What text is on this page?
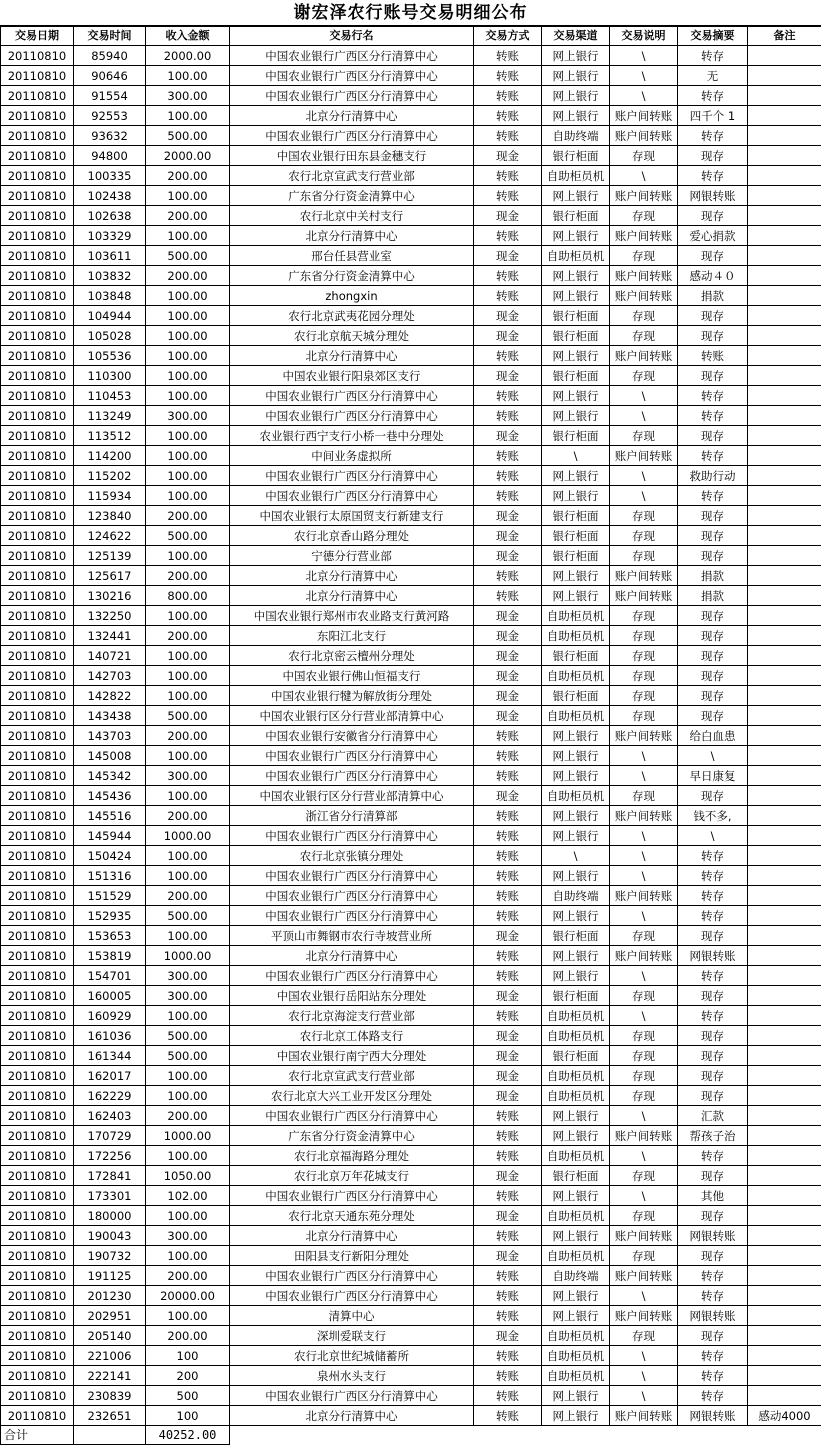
谢宏泽农行账号交易明细公布
交易日期	交易时间	收入金额	交易行名	交易方式	交易渠道	交易说明	交易摘要	备注
20110810	85940	2000.00	中国农业银行广西区分行清算中心	转账	网上银行	\	转存	
20110810	90646	100.00	中国农业银行广西区分行清算中心	转账	网上银行	\	无	
20110810	91554	300.00	中国农业银行广西区分行清算中心	转账	网上银行	\	转存	
20110810	92553	100.00	北京分行清算中心	转账	网上银行	账户间转账	四千个 1	
20110810	93632	500.00	中国农业银行广西区分行清算中心	转账	自助终端	账户间转账	转存	
20110810	94800	2000.00	中国农业银行田东县金穗支行	现金	银行柜面	存现	现存	
20110810	100335	200.00	农行北京宣武支行营业部	转账	自助柜员机	\	转存	
20110810	102438	100.00	广东省分行资金清算中心	转账	网上银行	账户间转账	网银转账	
20110810	102638	200.00	农行北京中关村支行	现金	银行柜面	存现	现存	
20110810	103329	100.00	北京分行清算中心	转账	网上银行	账户间转账	爱心捐款	
20110810	103611	500.00	邢台任县营业室	现金	自助柜员机	存现	现存	
20110810	103832	200.00	广东省分行资金清算中心	转账	网上银行	账户间转账	感动４０	
20110810	103848	100.00	zhongxin	转账	网上银行	账户间转账	捐款	
20110810	104944	100.00	农行北京武夷花园分理处	现金	银行柜面	存现	现存	
20110810	105028	100.00	农行北京航天城分理处	现金	银行柜面	存现	现存	
20110810	105536	100.00	北京分行清算中心	转账	网上银行	账户间转账	转账	
20110810	110300	100.00	中国农业银行阳泉郊区支行	现金	银行柜面	存现	现存	
20110810	110453	100.00	中国农业银行广西区分行清算中心	转账	网上银行	\	转存	
20110810	113249	300.00	中国农业银行广西区分行清算中心	转账	网上银行	\	转存	
20110810	113512	100.00	农业银行西宁支行小桥一巷中分理处	现金	银行柜面	存现	现存	
20110810	114200	100.00	中间业务虚拟所	转账	\	账户间转账	转存	
20110810	115202	100.00	中国农业银行广西区分行清算中心	转账	网上银行	\	救助行动	
20110810	115934	100.00	中国农业银行广西区分行清算中心	转账	网上银行	\	转存	
20110810	123840	200.00	中国农业银行太原国贸支行新建支行	现金	银行柜面	存现	现存	
20110810	124622	500.00	农行北京香山路分理处	现金	银行柜面	存现	现存	
20110810	125139	100.00	宁德分行营业部	现金	银行柜面	存现	现存	
20110810	125617	200.00	北京分行清算中心	转账	网上银行	账户间转账	捐款	
20110810	130216	800.00	北京分行清算中心	转账	网上银行	账户间转账	捐款	
20110810	132250	100.00	中国农业银行郑州市农业路支行黄河路	现金	自助柜员机	存现	现存	
20110810	132441	200.00	东阳江北支行	现金	自助柜员机	存现	现存	
20110810	140721	100.00	农行北京密云檀州分理处	现金	银行柜面	存现	现存	
20110810	142703	100.00	中国农业银行佛山恒福支行	现金	自助柜员机	存现	现存	
20110810	142822	100.00	中国农业银行犍为解放街分理处	现金	银行柜面	存现	现存	
20110810	143438	500.00	中国农业银行区分行营业部清算中心	现金	自助柜员机	存现	现存	
20110810	143703	200.00	中国农业银行安徽省分行清算中心	转账	网上银行	账户间转账	给白血患	
20110810	145008	100.00	中国农业银行广西区分行清算中心	转账	网上银行	\	\	
20110810	145342	300.00	中国农业银行广西区分行清算中心	转账	网上银行	\	早日康复	
20110810	145436	100.00	中国农业银行区分行营业部清算中心	现金	自助柜员机	存现	现存	
20110810	145516	200.00	浙江省分行清算部	转账	网上银行	账户间转账	钱不多,	
20110810	145944	1000.00	中国农业银行广西区分行清算中心	转账	网上银行	\	\	
20110810	150424	100.00	农行北京张镇分理处	转账	\	\	转存	
20110810	151316	100.00	中国农业银行广西区分行清算中心	转账	网上银行	\	转存	
20110810	151529	200.00	中国农业银行广西区分行清算中心	转账	自助终端	账户间转账	转存	
20110810	152935	500.00	中国农业银行广西区分行清算中心	转账	网上银行	\	转存	
20110810	153653	100.00	平顶山市舞钢市农行寺坡营业所	现金	银行柜面	存现	现存	
20110810	153819	1000.00	北京分行清算中心	转账	网上银行	账户间转账	网银转账	
20110810	154701	300.00	中国农业银行广西区分行清算中心	转账	网上银行	\	转存	
20110810	160005	300.00	中国农业银行岳阳站东分理处	现金	银行柜面	存现	现存	
20110810	160929	100.00	农行北京海淀支行营业部	转账	自助柜员机	\	转存	
20110810	161036	500.00	农行北京工体路支行	现金	自助柜员机	存现	现存	
20110810	161344	500.00	中国农业银行南宁西大分理处	现金	银行柜面	存现	现存	
20110810	162017	100.00	农行北京宣武支行营业部	现金	自助柜员机	存现	现存	
20110810	162229	100.00	农行北京大兴工业开发区分理处	现金	自助柜员机	存现	现存	
20110810	162403	200.00	中国农业银行广西区分行清算中心	转账	网上银行	\	汇款	
20110810	170729	1000.00	广东省分行资金清算中心	转账	网上银行	账户间转账	帮孩子治	
20110810	172256	100.00	农行北京福海路分理处	转账	自助柜员机	\	转存	
20110810	172841	1050.00	农行北京万年花城支行	现金	银行柜面	存现	现存	
20110810	173301	102.00	中国农业银行广西区分行清算中心	转账	网上银行	\	其他	
20110810	180000	100.00	农行北京天通东苑分理处	现金	自助柜员机	存现	现存	
20110810	190043	300.00	北京分行清算中心	转账	网上银行	账户间转账	网银转账	
20110810	190732	100.00	田阳县支行新阳分理处	现金	自助柜员机	存现	现存	
20110810	191125	200.00	中国农业银行广西区分行清算中心	转账	自助终端	账户间转账	转存	
20110810	201230	20000.00	中国农业银行广西区分行清算中心	转账	网上银行	\	转存	
20110810	202951	100.00	清算中心	转账	网上银行	账户间转账	网银转账	
20110810	205140	200.00	深圳爱联支行	现金	自助柜员机	存现	现存	
20110810	221006	100	农行北京世纪城储蓄所	转账	自助柜员机	\	转存	
20110810	222141	200	泉州水头支行	转账	自助柜员机	\	转存	
20110810	230839	500	中国农业银行广西区分行清算中心	转账	网上银行	\	转存	
20110810	232651	100	北京分行清算中心	转账	网上银行	账户间转账	网银转账	感动4000
合计		40252.00						
